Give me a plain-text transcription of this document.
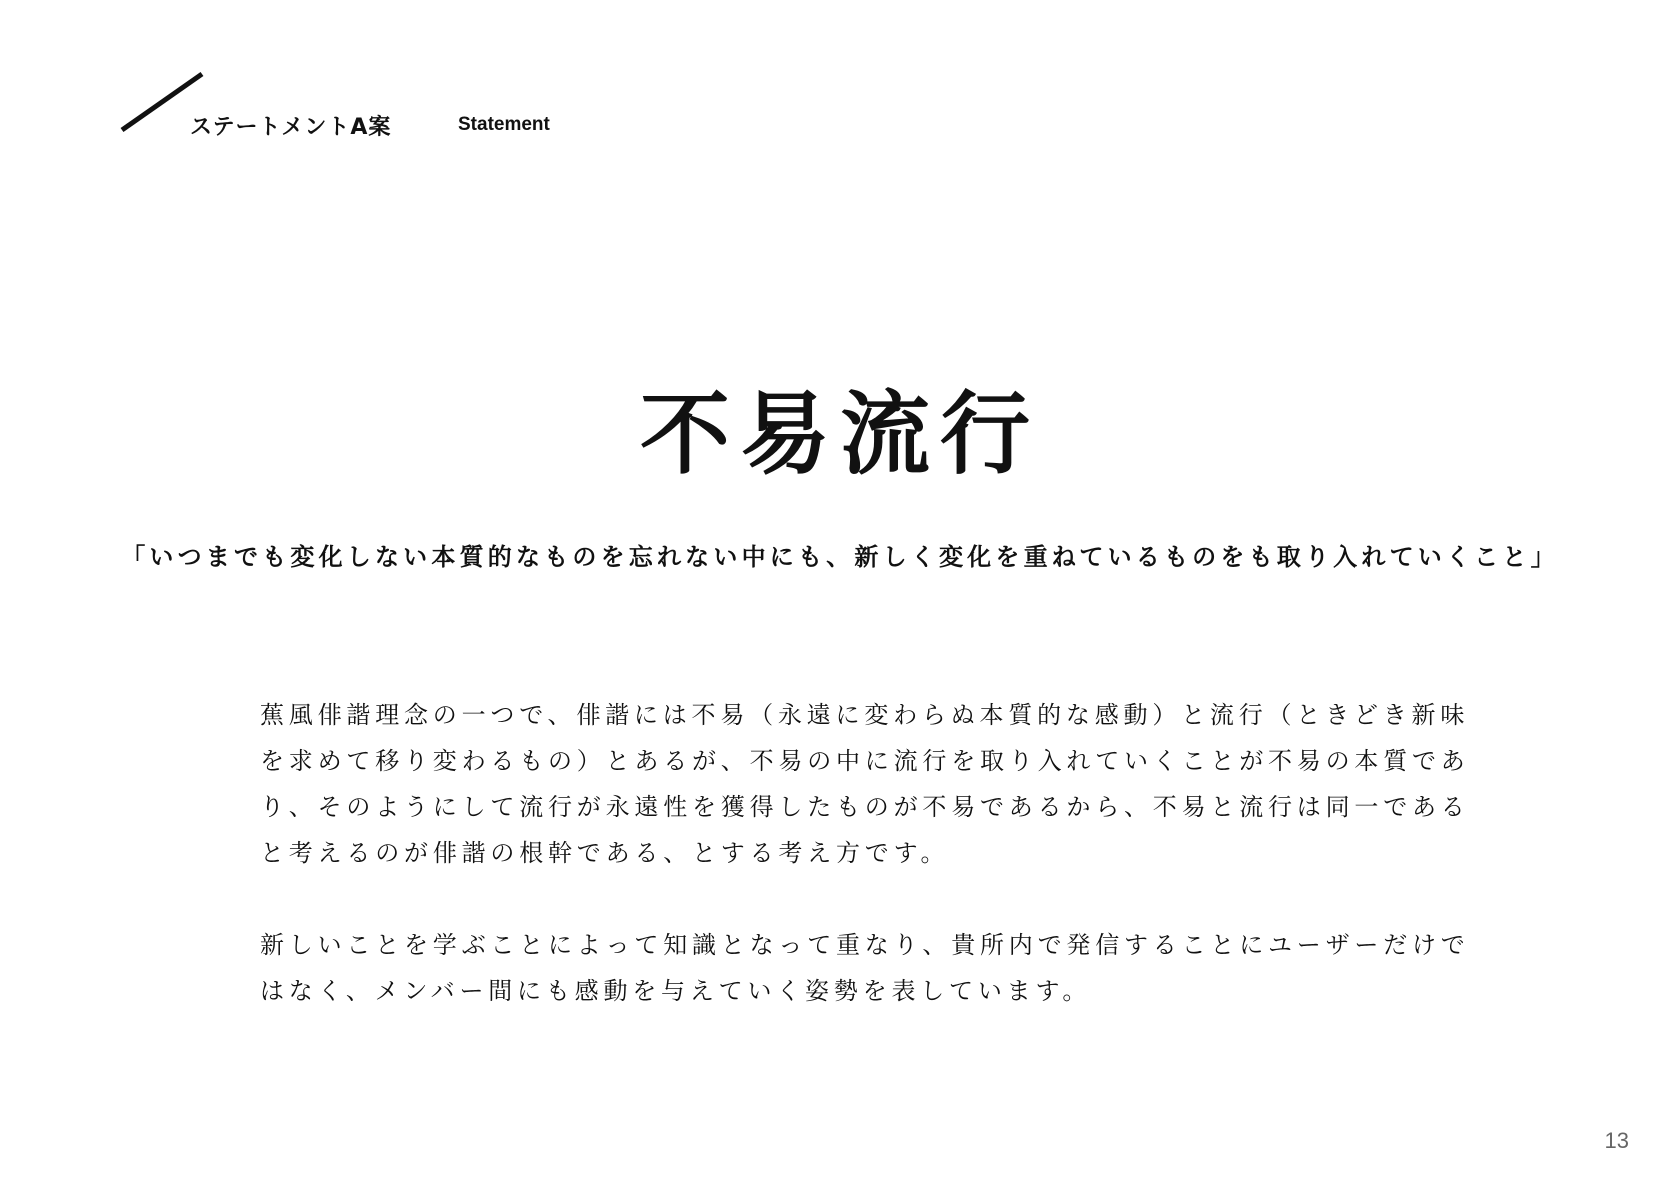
ステートメントA案	Statement
不易流行
「いつまでも変化しない本質的なものを忘れない中にも、新しく変化を重ねているものをも取り入れていくこと」
蕉風俳諧理念の一つで、俳諧には不易（永遠に変わらぬ本質的な感動）と流行（ときどき新味
を求めて移り変わるもの）とあるが、不易の中に流行を取り入れていくことが不易の本質であ
り、そのようにして流行が永遠性を獲得したものが不易であるから、不易と流行は同一である
と考えるのが俳諧の根幹である、とする考え方です。
新しいことを学ぶことによって知識となって重なり、貴所内で発信することにユーザーだけで
はなく、メンバー間にも感動を与えていく姿勢を表しています。
13
